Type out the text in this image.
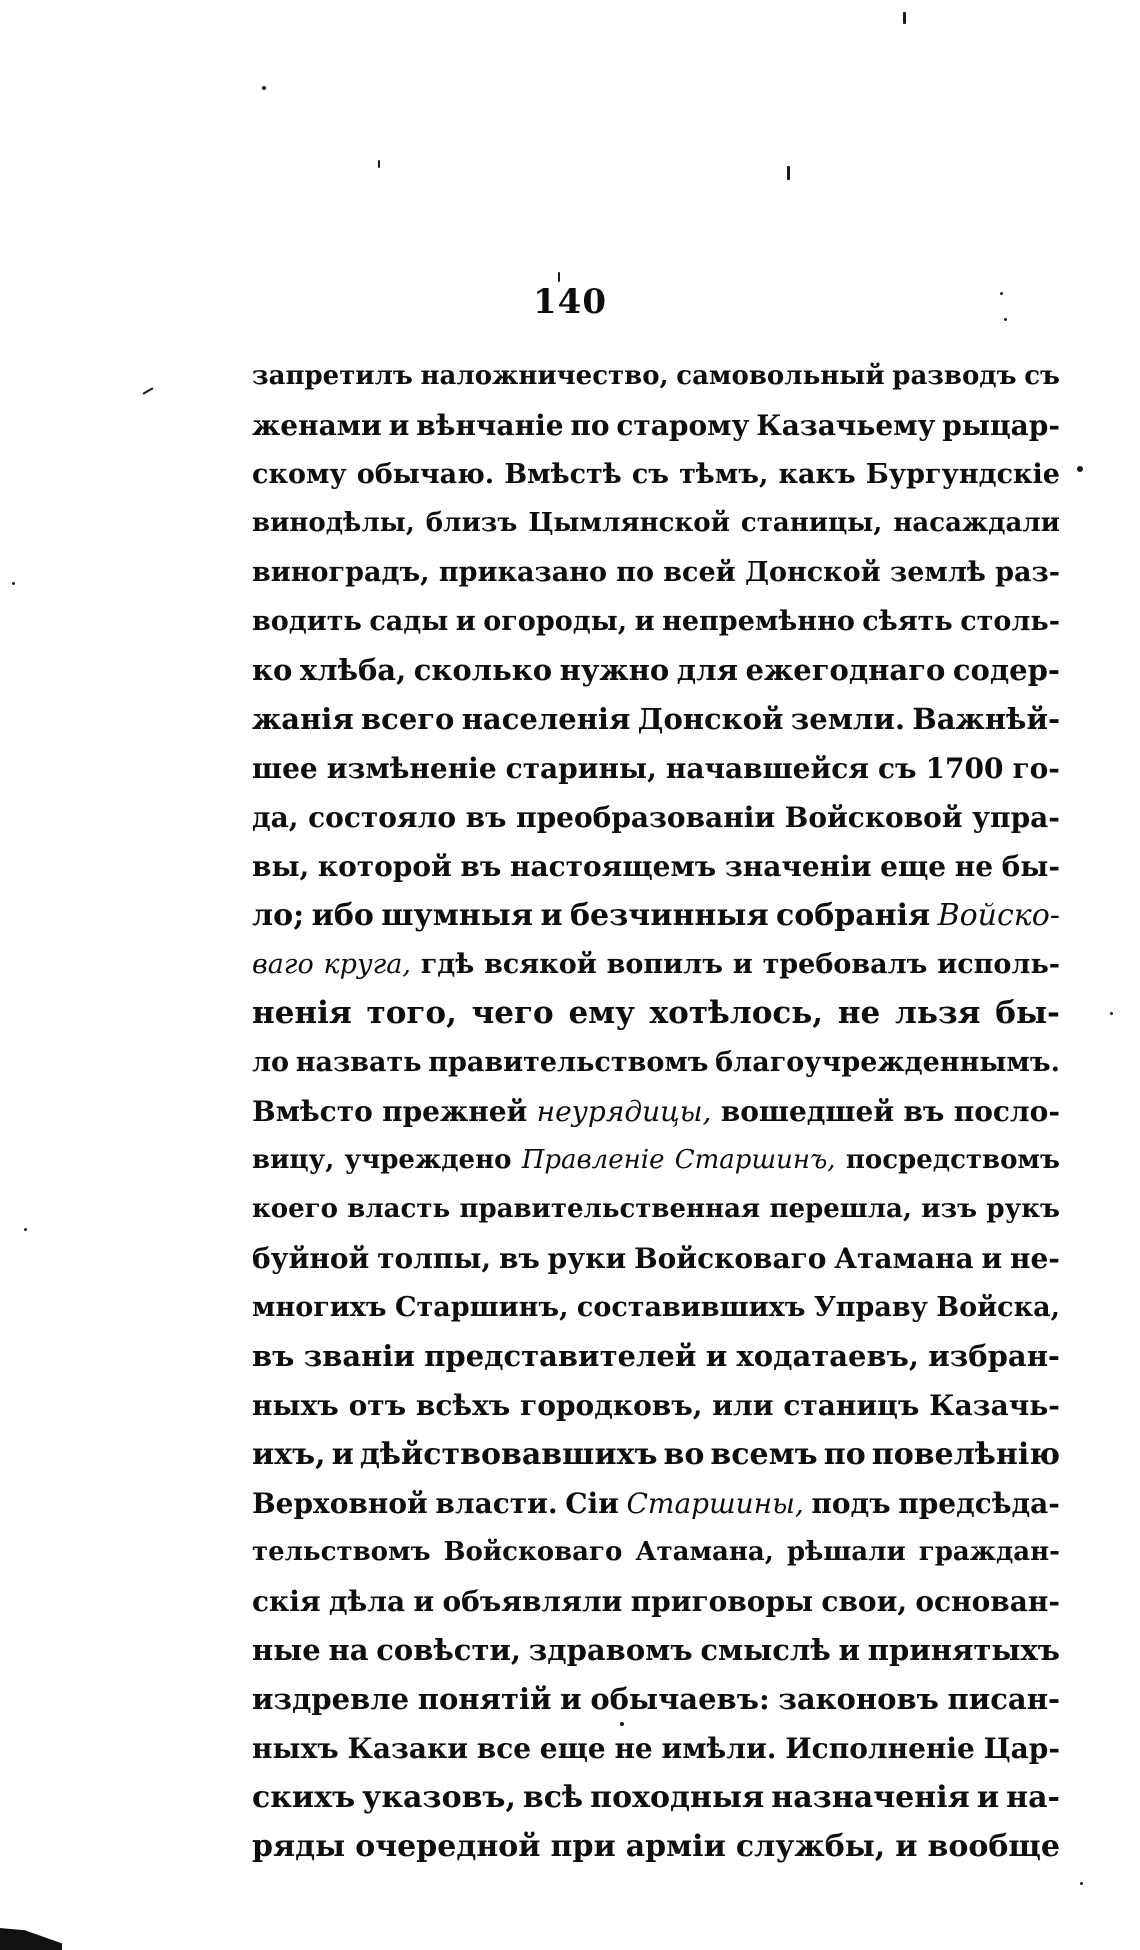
140
запретилъ наложничество, самовольный разводъ съ
женами и вѣнчаніе по старому Казачьему рыцар-
скому обычаю. Вмѣстѣ съ тѣмъ, какъ Бургундскіе
винодѣлы, близъ Цымлянской станицы, насаждали
виноградъ, приказано по всей Донской землѣ раз-
водить сады и огороды, и непремѣнно сѣять столь-
ко хлѣба, сколько нужно для ежегоднаго содер-
жанія всего населенія Донской земли. Важнѣй-
шее измѣненіе старины, начавшейся съ 1700 го-
да, состояло въ преобразованіи Войсковой упра-
вы, которой въ настоящемъ значеніи еще не бы-
ло; ибо шумныя и безчинныя собранія Войско-
ваго круга, гдѣ всякой вопилъ и требовалъ исполь-
ненія того, чего ему хотѣлось, не льзя бы-
ло назвать правительствомъ благоучрежденнымъ.
Вмѣсто прежней неурядицы, вошедшей въ посло-
вицу, учреждено Правленіе Старшинъ, посредствомъ
коего власть правительственная перешла, изъ рукъ
буйной толпы, въ руки Войсковаго Атамана и не-
многихъ Старшинъ, составившихъ Управу Войска,
въ званіи представителей и ходатаевъ, избран-
ныхъ отъ всѣхъ городковъ, или станицъ Казачь-
ихъ, и дѣйствовавшихъ во всемъ по повелѣнію
Верховной власти. Сіи Старшины, подъ предсѣда-
тельствомъ Войсковаго Атамана, рѣшали граждан-
скія дѣла и объявляли приговоры свои, основан-
ные на совѣсти, здравомъ смыслѣ и принятыхъ
издревле понятій и обычаевъ: законовъ писан-
ныхъ Казаки все еще не имѣли. Исполненіе Цар-
скихъ указовъ, всѣ походныя назначенія и на-
ряды очередной при арміи службы, и вообще
